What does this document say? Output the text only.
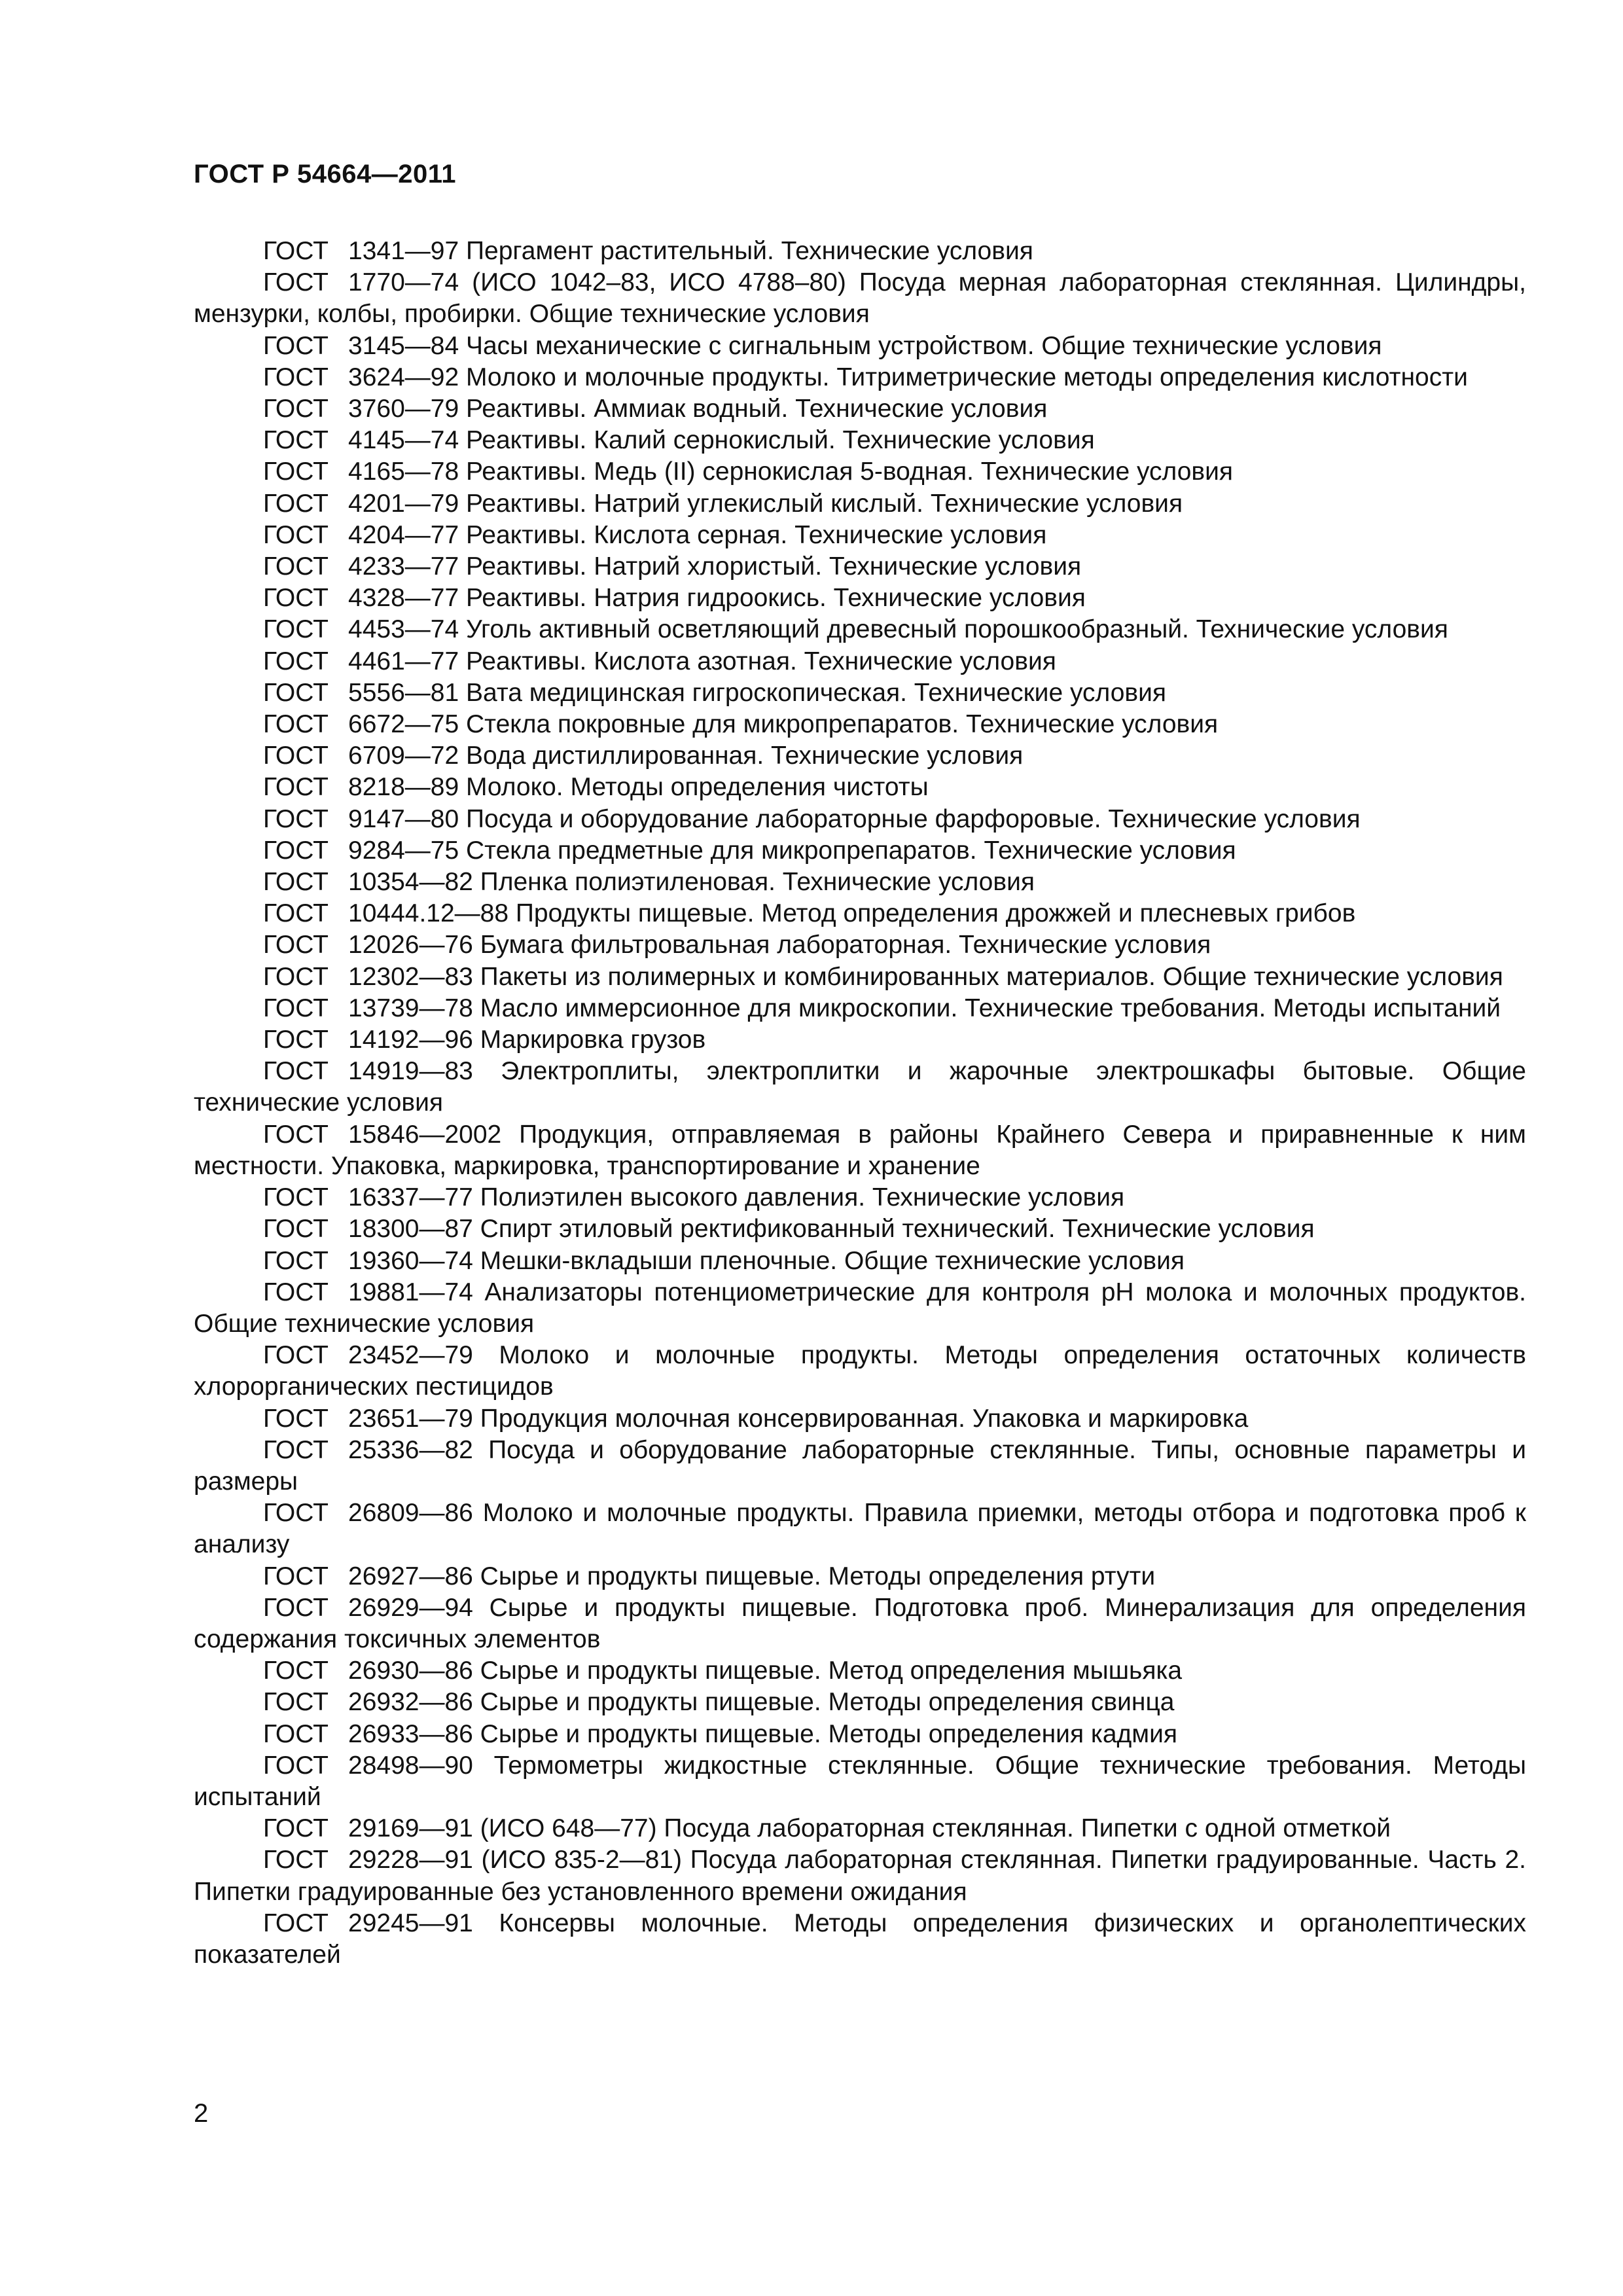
ГОСТ Р 54664—2011
ГОСТ 1341—97 Пергамент растительный. Технические условия
ГОСТ 1770—74 (ИСО 1042–83, ИСО 4788–80) Посуда мерная лабораторная стеклянная. Цилиндры, мензурки, колбы, пробирки. Общие технические условия
ГОСТ 3145—84 Часы механические с сигнальным устройством. Общие технические условия
ГОСТ 3624—92 Молоко и молочные продукты. Титриметрические методы определения кислотности
ГОСТ 3760—79 Реактивы. Аммиак водный. Технические условия
ГОСТ 4145—74 Реактивы. Калий сернокислый. Технические условия
ГОСТ 4165—78 Реактивы. Медь (II) сернокислая 5-водная. Технические условия
ГОСТ 4201—79 Реактивы. Натрий углекислый кислый. Технические условия
ГОСТ 4204—77 Реактивы. Кислота серная. Технические условия
ГОСТ 4233—77 Реактивы. Натрий хлористый. Технические условия
ГОСТ 4328—77 Реактивы. Натрия гидроокись. Технические условия
ГОСТ 4453—74 Уголь активный осветляющий древесный порошкообразный. Технические условия
ГОСТ 4461—77 Реактивы. Кислота азотная. Технические условия
ГОСТ 5556—81 Вата медицинская гигроскопическая. Технические условия
ГОСТ 6672—75 Стекла покровные для микропрепаратов. Технические условия
ГОСТ 6709—72 Вода дистиллированная. Технические условия
ГОСТ 8218—89 Молоко. Методы определения чистоты
ГОСТ 9147—80 Посуда и оборудование лабораторные фарфоровые. Технические условия
ГОСТ 9284—75 Стекла предметные для микропрепаратов. Технические условия
ГОСТ 10354—82 Пленка полиэтиленовая. Технические условия
ГОСТ 10444.12—88 Продукты пищевые. Метод определения дрожжей и плесневых грибов
ГОСТ 12026—76 Бумага фильтровальная лабораторная. Технические условия
ГОСТ 12302—83 Пакеты из полимерных и комбинированных материалов. Общие технические условия
ГОСТ 13739—78 Масло иммерсионное для микроскопии. Технические требования. Методы испытаний
ГОСТ 14192—96 Маркировка грузов
ГОСТ 14919—83 Электроплиты, электроплитки и жарочные электрошкафы бытовые. Общие технические условия
ГОСТ 15846—2002 Продукция, отправляемая в районы Крайнего Севера и приравненные к ним местности. Упаковка, маркировка, транспортирование и хранение
ГОСТ 16337—77 Полиэтилен высокого давления. Технические условия
ГОСТ 18300—87 Спирт этиловый ректификованный технический. Технические условия
ГОСТ 19360—74 Мешки-вкладыши пленочные. Общие технические условия
ГОСТ 19881—74 Анализаторы потенциометрические для контроля pH молока и молочных продуктов. Общие технические условия
ГОСТ 23452—79 Молоко и молочные продукты. Методы определения остаточных количеств хлорорганических пестицидов
ГОСТ 23651—79 Продукция молочная консервированная. Упаковка и маркировка
ГОСТ 25336—82 Посуда и оборудование лабораторные стеклянные. Типы, основные параметры и размеры
ГОСТ 26809—86 Молоко и молочные продукты. Правила приемки, методы отбора и подготовка проб к анализу
ГОСТ 26927—86 Сырье и продукты пищевые. Методы определения ртути
ГОСТ 26929—94 Сырье и продукты пищевые. Подготовка проб. Минерализация для определения содержания токсичных элементов
ГОСТ 26930—86 Сырье и продукты пищевые. Метод определения мышьяка
ГОСТ 26932—86 Сырье и продукты пищевые. Методы определения свинца
ГОСТ 26933—86 Сырье и продукты пищевые. Методы определения кадмия
ГОСТ 28498—90 Термометры жидкостные стеклянные. Общие технические требования. Методы испытаний
ГОСТ 29169—91 (ИСО 648—77) Посуда лабораторная стеклянная. Пипетки с одной отметкой
ГОСТ 29228—91 (ИСО 835-2—81) Посуда лабораторная стеклянная. Пипетки градуированные. Часть 2. Пипетки градуированные без установленного времени ожидания
ГОСТ 29245—91 Консервы молочные. Методы определения физических и органолептических показателей
2
